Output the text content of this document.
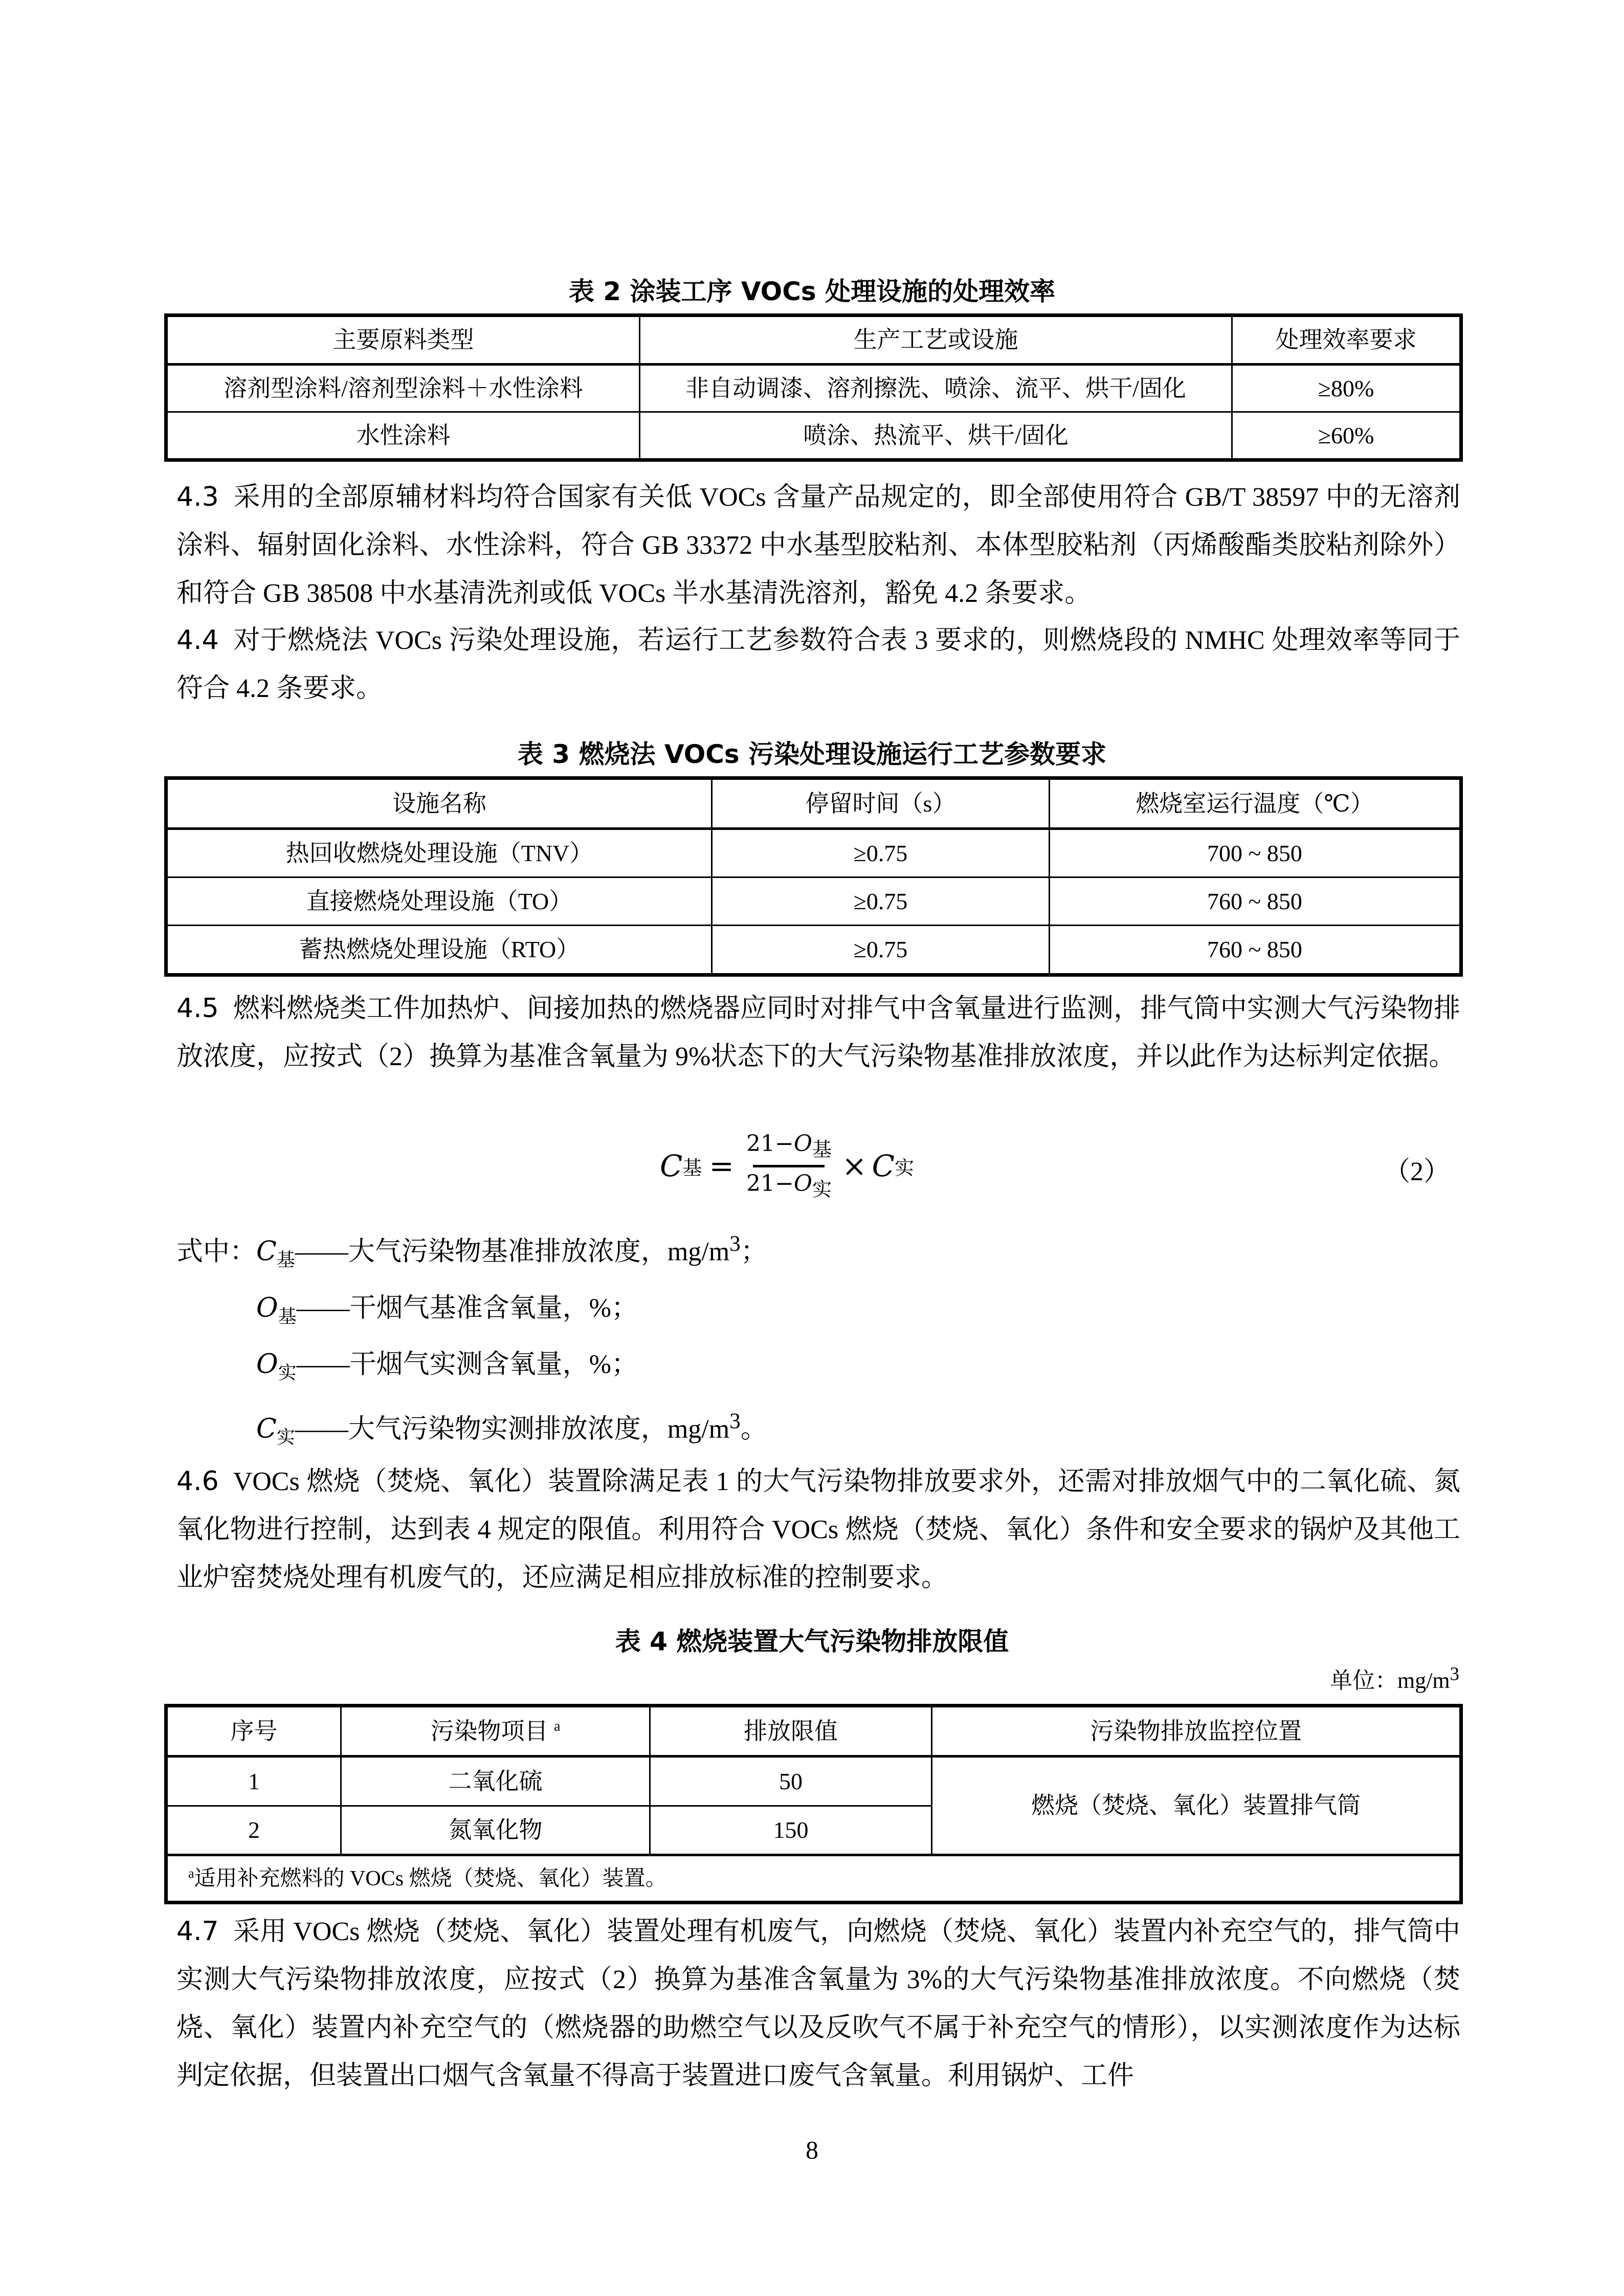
表 2 涂装工序 VOCs 处理设施的处理效率
主要原料类型	生产工艺或设施	处理效率要求
溶剂型涂料/溶剂型涂料＋水性涂料	非自动调漆、溶剂擦洗、喷涂、流平、烘干/固化	≥80%
水性涂料	喷涂、热流平、烘干/固化	≥60%
4.3 采用的全部原辅材料均符合国家有关低 VOCs 含量产品规定的，即全部使用符合 GB/T 38597 中的无溶剂涂料、辐射固化涂料、水性涂料，符合 GB 33372 中水基型胶粘剂、本体型胶粘剂（丙烯酸酯类胶粘剂除外）和符合 GB 38508 中水基清洗剂或低 VOCs 半水基清洗溶剂，豁免 4.2 条要求。
4.4 对于燃烧法 VOCs 污染处理设施，若运行工艺参数符合表 3 要求的，则燃烧段的 NMHC 处理效率等同于符合 4.2 条要求。
表 3 燃烧法 VOCs 污染处理设施运行工艺参数要求
设施名称	停留时间（s）	燃烧室运行温度（℃）
热回收燃烧处理设施（TNV）	≥0.75	700 ~ 850
直接燃烧处理设施（TO）	≥0.75	760 ~ 850
蓄热燃烧处理设施（RTO）	≥0.75	760 ~ 850
4.5 燃料燃烧类工件加热炉、间接加热的燃烧器应同时对排气中含氧量进行监测，排气筒中实测大气污染物排放浓度，应按式（2）换算为基准含氧量为 9%状态下的大气污染物基准排放浓度，并以此作为达标判定依据。
C 基 =
$21-O_基$
$21-O_实$
× C 实	（2）
式中：$C_基——$大气污染物基准排放浓度，$mg/m^3$；
$O_基——$干烟气基准含氧量，%；
$O_实——$干烟气实测含氧量，%；
$C_实——$大气污染物实测排放浓度，$mg/m^3$。
4.6 VOCs 燃烧（焚烧、氧化）装置除满足表 1 的大气污染物排放要求外，还需对排放烟气中的二氧化硫、氮氧化物进行控制，达到表 4 规定的限值。利用符合 VOCs 燃烧（焚烧、氧化）条件和安全要求的锅炉及其他工业炉窑焚烧处理有机废气的，还应满足相应排放标准的控制要求。
表 4 燃烧装置大气污染物排放限值
单位：$mg/m^3$
序号	污染物项目 $^a$	排放限值	污染物排放监控位置
1	二氧化硫	50	燃烧（焚烧、氧化）装置排气筒
2	氮氧化物	150	
$^a$适用补充燃料的 VOCs 燃烧（焚烧、氧化）装置。			
4.7 采用 VOCs 燃烧（焚烧、氧化）装置处理有机废气，向燃烧（焚烧、氧化）装置内补充空气的，排气筒中实测大气污染物排放浓度，应按式（2）换算为基准含氧量为 3%的大气污染物基准排放浓度。不向燃烧（焚烧、氧化）装置内补充空气的（燃烧器的助燃空气以及反吹气不属于补充空气的情形），以实测浓度作为达标判定依据，但装置出口烟气含氧量不得高于装置进口废气含氧量。利用锅炉、工件
8
